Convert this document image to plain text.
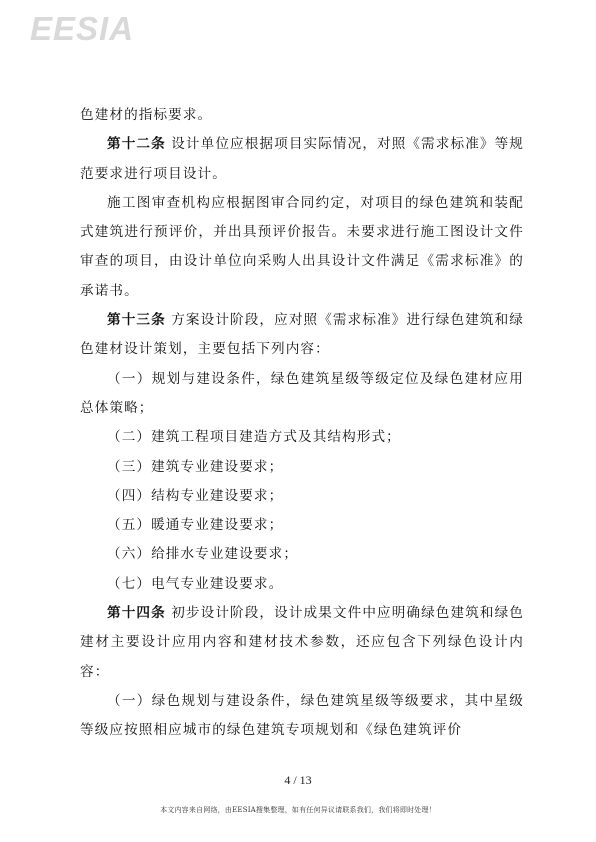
EESIA

色建材的指标要求。

第十二条 设计单位应根据项目实际情况，对照《需求标准》等规范要求进行项目设计。

施工图审查机构应根据图审合同约定，对项目的绿色建筑和装配式建筑进行预评价，并出具预评价报告。未要求进行施工图设计文件审查的项目，由设计单位向采购人出具设计文件满足《需求标准》的承诺书。

第十三条 方案设计阶段，应对照《需求标准》进行绿色建筑和绿色建材设计策划，主要包括下列内容：

（一）规划与建设条件，绿色建筑星级等级定位及绿色建材应用总体策略；

（二）建筑工程项目建造方式及其结构形式；

（三）建筑专业建设要求；

（四）结构专业建设要求；

（五）暖通专业建设要求；

（六）给排水专业建设要求；

（七）电气专业建设要求。

第十四条 初步设计阶段，设计成果文件中应明确绿色建筑和绿色建材主要设计应用内容和建材技术参数，还应包含下列绿色设计内容：

（一）绿色规划与建设条件，绿色建筑星级等级要求，其中星级等级应按照相应城市的绿色建筑专项规划和《绿色建筑评价

4 / 13
本文内容来自网络，由EESIA搜集整理，如有任何异议请联系我们，我们将即时处理！
